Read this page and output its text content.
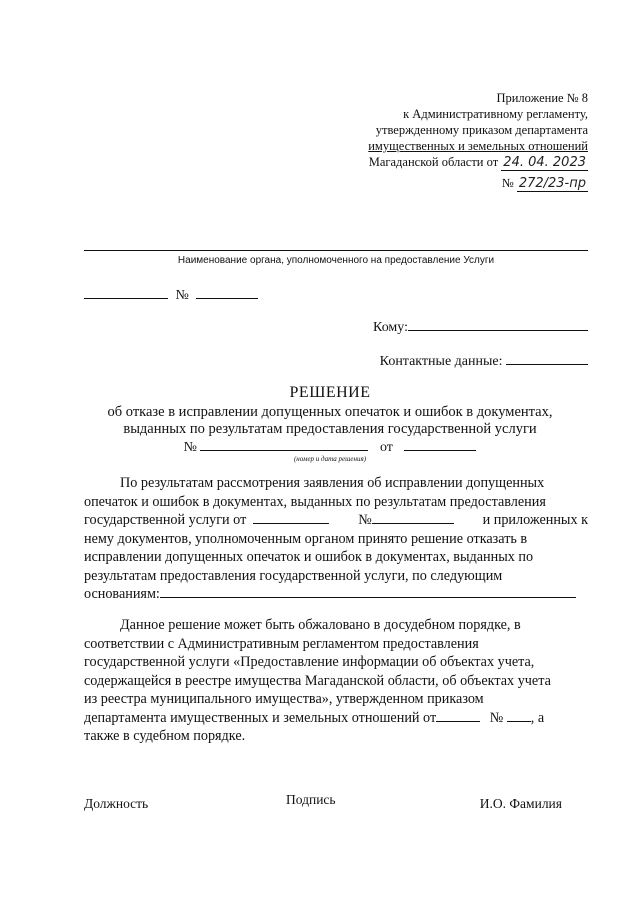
Приложение № 8
к Административному регламенту,
утвержденному приказом департамента
имущественных и земельных отношений
Магаданской области от 24. 04. 2023
№ 272/23-пр
Наименование органа, уполномоченного на предоставление Услуги
№
Кому:
Контактные данные:
РЕШЕНИЕ
об отказе в исправлении допущенных опечаток и ошибок в документах,
выданных по результатам предоставления государственной услуги
№	от
(номер и дата решения)
По результатам рассмотрения заявления об исправлении допущенных
опечаток и ошибок в документах, выданных по результатам предоставления
государственной услуги от	№	и приложенных к
нему документов, уполномоченным органом принято решение отказать в
исправлении допущенных опечаток и ошибок в документах, выданных по
результатам предоставления государственной услуги, по следующим
основаниям:
Данное решение может быть обжаловано в досудебном порядке, в
соответствии с Административным регламентом предоставления
государственной услуги «Предоставление информации об объектах учета,
содержащейся в реестре имущества Магаданской области, об объектах учета
из реестра муниципального имущества», утвержденном приказом
департамента имущественных и земельных отношений от	№ , а
также в судебном порядке.
Должность	Подпись	И.О. Фамилия
